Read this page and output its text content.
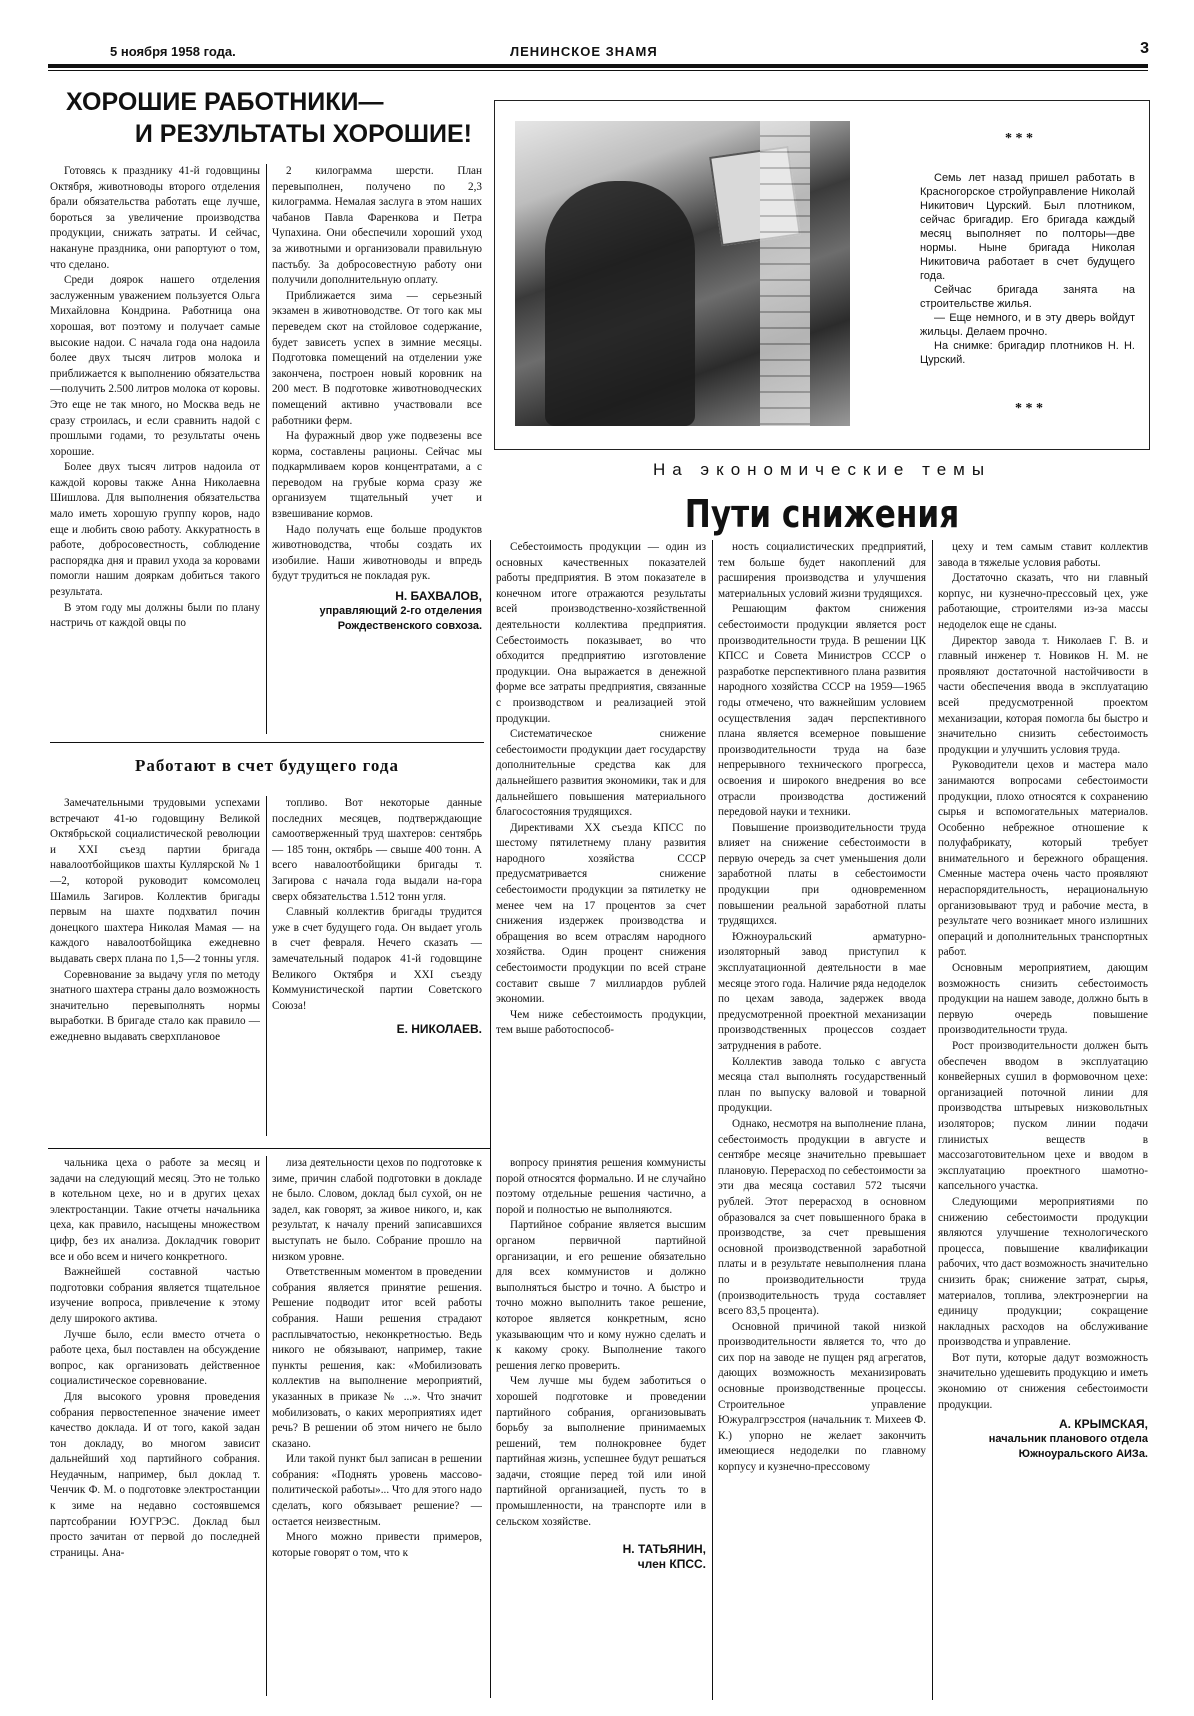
5 ноября 1958 года.	ЛЕНИНСКОЕ ЗНАМЯ	3
ХОРОШИЕ РАБОТНИКИ—
И РЕЗУЛЬТАТЫ ХОРОШИЕ!

Готовясь к празднику 41-й годовщины Октября, животноводы второго отделения брали обязательства работать еще лучше, бороться за увеличение производства продукции, снижать затраты. И сейчас, накануне праздника, они рапортуют о том, что сделано.

Среди доярок нашего отделения заслуженным уважением пользуется Ольга Михайловна Кондрина. Работница она хорошая, вот поэтому и получает самые высокие надои. С начала года она надоила более двух тысяч литров молока и приближается к выполнению обязательства—получить 2.500 литров молока от коровы. Это еще не так много, но Москва ведь не сразу строилась, и если сравнить надой с прошлыми годами, то результаты очень хорошие.

Более двух тысяч литров надоила от каждой коровы также Анна Николаевна Шишлова. Для выполнения обязательства мало иметь хорошую группу коров, надо еще и любить свою работу. Аккуратность в работе, добросовестность, соблюдение распорядка дня и правил ухода за коровами помогли нашим дояркам добиться такого результата.

В этом году мы должны были по плану настричь от каждой овцы по

2 килограмма шерсти. План перевыполнен, получено по 2,3 килограмма. Немалая заслуга в этом наших чабанов Павла Фаренкова и Петра Чупахина. Они обеспечили хороший уход за животными и организовали правильную пастьбу. За добросовестную работу они получили дополнительную оплату.

Приближается зима — серьезный экзамен в животноводстве. От того как мы переведем скот на стойловое содержание, будет зависеть успех в зимние месяцы. Подготовка помещений на отделении уже закончена, построен новый коровник на 200 мест. В подготовке животноводческих помещений активно участвовали все работники ферм.

На фуражный двор уже подвезены все корма, составлены рационы. Сейчас мы подкармливаем коров концентратами, а с переводом на грубые корма сразу же организуем тщательный учет и взвешивание кормов.

Надо получать еще больше продуктов животноводства, чтобы создать их изобилие. Наши животноводы и впредь будут трудиться не покладая рук.

Н. БАХВАЛОВ,
управляющий 2-го отделения
Рождественского совхоза.
* * *

Семь лет назад пришел работать в Красногорское стройуправление Николай Никитович Цурский. Был плотником, сейчас бригадир. Его бригада каждый месяц выполняет по полторы—две нормы. Ныне бригада Николая Никитовича работает в счет будущего года.

Сейчас бригада занята на строительстве жилья.

— Еще немного, и в эту дверь войдут жильцы. Делаем прочно.

На снимке: бригадир плотников Н. Н. Цурский.

* * *
На экономические темы
Пути снижения
Работают в счет будущего года

Замечательными трудовыми успехами встречают 41-ю годовщину Великой Октябрьской социалистической революции и XXI съезд партии бригада навалоотбойщиков шахты Куллярской № 1—2, которой руководит комсомолец Шамиль Загиров. Коллектив бригады первым на шахте подхватил почин донецкого шахтера Николая Мамая — на каждого навалоотбойщика ежедневно выдавать сверх плана по 1,5—2 тонны угля.

Соревнование за выдачу угля по методу знатного шахтера страны дало возможность значительно перевыполнять нормы выработки. В бригаде стало как правило — ежедневно выдавать сверхплановое

топливо. Вот некоторые данные последних месяцев, подтверждающие самоотверженный труд шахтеров: сентябрь — 185 тонн, октябрь — свыше 400 тонн. А всего навалоотбойщики бригады т. Загирова с начала года выдали на-гора сверх обязательства 1.512 тонн угля.

Славный коллектив бригады трудится уже в счет будущего года. Он выдает уголь в счет февраля. Нечего сказать — замечательный подарок 41-й годовщине Великого Октября и XXI съезду Коммунистической партии Советского Союза!

Е. НИКОЛАЕВ.

чальника цеха о работе за месяц и задачи на следующий месяц. Это не только в котельном цехе, но и в других цехах электростанции. Такие отчеты начальника цеха, как правило, насыщены множеством цифр, без их анализа. Докладчик говорит все и обо всем и ничего конкретного.

Важнейшей составной частью подготовки собрания является тщательное изучение вопроса, привлечение к этому делу широкого актива.

Лучше было, если вместо отчета о работе цеха, был поставлен на обсуждение вопрос, как организовать действенное социалистическое соревнование.

Для высокого уровня проведения собрания первостепенное значение имеет качество доклада. И от того, какой задан тон докладу, во многом зависит дальнейший ход партийного собрания. Неудачным, например, был доклад т. Ченчик Ф. М. о подготовке электростанции к зиме на недавно состоявшемся партсобрании ЮУГРЭС. Доклад был просто зачитан от первой до последней страницы. Ана-

лиза деятельности цехов по подготовке к зиме, причин слабой подготовки в докладе не было. Словом, доклад был сухой, он не задел, как говорят, за живое никого, и, как результат, к началу прений записавшихся выступать не было. Собрание прошло на низком уровне.

Ответственным моментом в проведении собрания является принятие решения. Решение подводит итог всей работы собрания. Наши решения страдают расплывчатостью, неконкретностью. Ведь никого не обязывают, например, такие пункты решения, как: «Мобилизовать коллектив на выполнение мероприятий, указанных в приказе № ...». Что значит мобилизовать, о каких мероприятиях идет речь? В решении об этом ничего не было сказано.

Или такой пункт был записан в решении собрания: «Поднять уровень массово-политической работы»... Что для этого надо сделать, кого обязывает решение? — остается неизвестным.

Много можно привести примеров, которые говорят о том, что к

вопросу принятия решения коммунисты порой относятся формально. И не случайно поэтому отдельные решения частично, а порой и полностью не выполняются.

Партийное собрание является высшим органом первичной партийной организации, и его решение обязательно для всех коммунистов и должно выполняться быстро и точно. А быстро и точно можно выполнить такое решение, которое является конкретным, ясно указывающим что и кому нужно сделать и к какому сроку. Выполнение такого решения легко проверить.

Чем лучше мы будем заботиться о хорошей подготовке и проведении партийного собрания, организовывать борьбу за выполнение принимаемых решений, тем полнокровнее будет партийная жизнь, успешнее будут решаться задачи, стоящие перед той или иной партийной организацией, пусть то в промышленности, на транспорте или в сельском хозяйстве.

Н. ТАТЬЯНИН,
член КПСС.

Себестоимость продукции — один из основных качественных показателей работы предприятия. В этом показателе в конечном итоге отражаются результаты всей производственно-хозяйственной деятельности коллектива предприятия. Себестоимость показывает, во что обходится предприятию изготовление продукции. Она выражается в денежной форме все затраты предприятия, связанные с производством и реализацией этой продукции.

Систематическое снижение себестоимости продукции дает государству дополнительные средства как для дальнейшего развития экономики, так и для дальнейшего повышения материального благосостояния трудящихся.

Директивами XX съезда КПСС по шестому пятилетнему плану развития народного хозяйства СССР предусматривается снижение себестоимости продукции за пятилетку не менее чем на 17 процентов за счет снижения издержек производства и обращения во всем отраслям народного хозяйства. Один процент снижения себестоимости продукции по всей стране составит свыше 7 миллиардов рублей экономии.

Чем ниже себестоимость продукции, тем выше работоспособ-

ность социалистических предприятий, тем больше будет накоплений для расширения производства и улучшения материальных условий жизни трудящихся.

Решающим фактом снижения себестоимости продукции является рост производительности труда. В решении ЦК КПСС и Совета Министров СССР о разработке перспективного плана развития народного хозяйства СССР на 1959—1965 годы отмечено, что важнейшим условием осуществления задач перспективного плана является всемерное повышение производительности труда на базе непрерывного технического прогресса, освоения и широкого внедрения во все отрасли производства достижений передовой науки и техники.

Повышение производительности труда влияет на снижение себестоимости в первую очередь за счет уменьшения доли заработной платы в себестоимости продукции при одновременном повышении реальной заработной платы трудящихся.

Южноуральский арматурно-изоляторный завод приступил к эксплуатационной деятельности в мае месяце этого года. Наличие ряда недоделок по цехам завода, задержек ввода предусмотренной проектной механизации производственных процессов создает затруднения в работе.

Коллектив завода только с августа месяца стал выполнять государственный план по выпуску валовой и товарной продукции.

Однако, несмотря на выполнение плана, себестоимость продукции в августе и сентябре месяце значительно превышает плановую. Перерасход по себестоимости за эти два месяца составил 572 тысячи рублей. Этот перерасход в основном образовался за счет повышенного брака в производстве, за счет превышения основной производственной заработной платы и в результате невыполнения плана по производительности труда (производительность труда составляет всего 83,5 процента).

Основной причиной такой низкой производительности является то, что до сих пор на заводе не пущен ряд агрегатов, дающих возможность механизировать основные производственные процессы. Строительное управление Южуралгрэсстроя (начальник т. Михеев Ф. К.) упорно не желает закончить имеющиеся недоделки по главному корпусу и кузнечно-прессовому

цеху и тем самым ставит коллектив завода в тяжелые условия работы.

Достаточно сказать, что ни главный корпус, ни кузнечно-прессовый цех, уже работающие, строителями из-за массы недоделок еще не сданы.

Директор завода т. Николаев Г. В. и главный инженер т. Новиков Н. М. не проявляют достаточной настойчивости в части обеспечения ввода в эксплуатацию всей предусмотренной проектом механизации, которая помогла бы быстро и значительно снизить себестоимость продукции и улучшить условия труда.

Руководители цехов и мастера мало занимаются вопросами себестоимости продукции, плохо относятся к сохранению сырья и вспомогательных материалов. Особенно небрежное отношение к полуфабрикату, который требует внимательного и бережного обращения. Сменные мастера очень часто проявляют нераспорядительность, нерациональную организовывают труд и рабочие места, в результате чего возникает много излишних операций и дополнительных транспортных работ.

Основным мероприятием, дающим возможность снизить себестоимость продукции на нашем заводе, должно быть в первую очередь повышение производительности труда.

Рост производительности должен быть обеспечен вводом в эксплуатацию конвейерных сушил в формовочном цехе: организацией поточной линии для производства штыревых низковольтных изоляторов; пуском линии подачи глинистых веществ в массозаготовительном цехе и вводом в эксплуатацию проектного шамотно-капсельного участка.

Следующими мероприятиями по снижению себестоимости продукции являются улучшение технологического процесса, повышение квалификации рабочих, что даст возможность значительно снизить брак; снижение затрат, сырья, материалов, топлива, электроэнергии на единицу продукции; сокращение накладных расходов на обслуживание производства и управление.

Вот пути, которые дадут возможность значительно удешевить продукцию и иметь экономию от снижения себестоимости продукции.

А. КРЫМСКАЯ,
начальник планового отдела Южноуральского АИЗа.
